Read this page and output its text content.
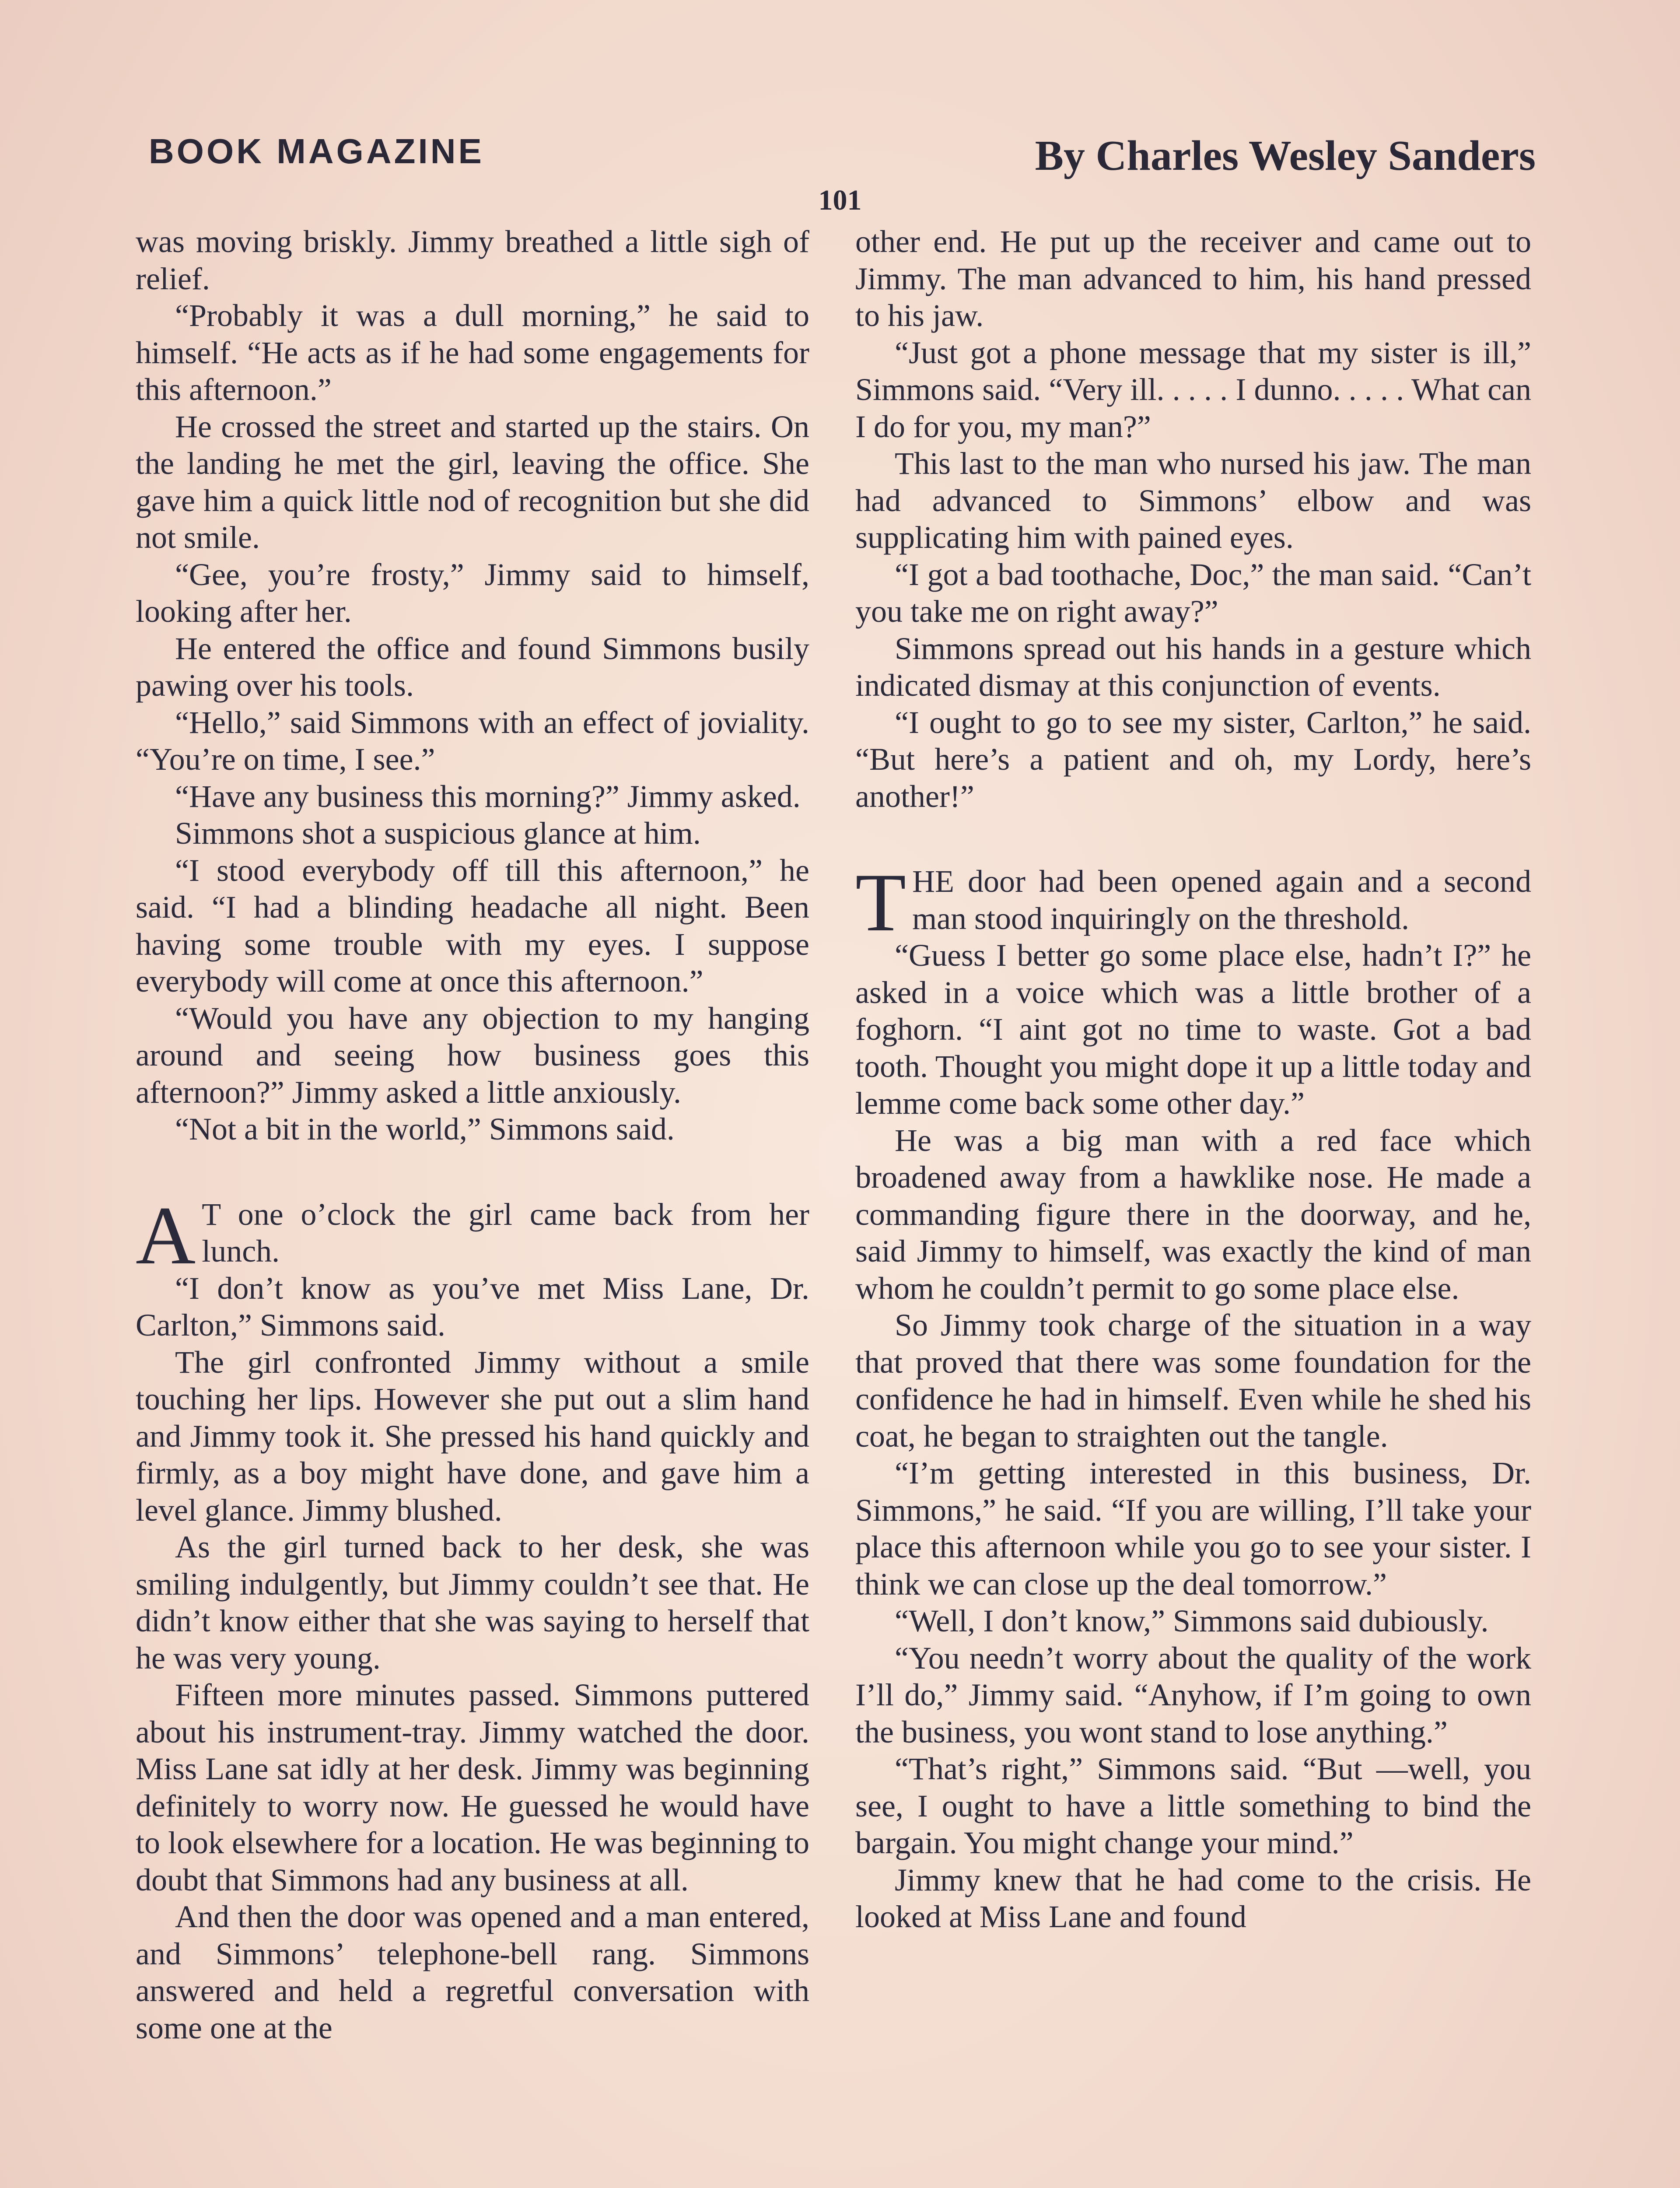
BOOK MAGAZINE	By Charles Wesley Sanders
101

was moving briskly. Jimmy breathed a little sigh of relief.

“Probably it was a dull morning,” he said to himself. “He acts as if he had some engagements for this afternoon.”

He crossed the street and started up the stairs. On the landing he met the girl, leaving the office. She gave him a quick little nod of recognition but she did not smile.

“Gee, you’re frosty,” Jimmy said to himself, looking after her.

He entered the office and found Simmons busily pawing over his tools.

“Hello,” said Simmons with an effect of joviality. “You’re on time, I see.”

“Have any business this morning?” Jimmy asked.

Simmons shot a suspicious glance at him.

“I stood everybody off till this afternoon,” he said. “I had a blinding headache all night. Been having some trouble with my eyes. I suppose everybody will come at once this afternoon.”

“Would you have any objection to my hanging around and seeing how business goes this afternoon?” Jimmy asked a little anxiously.

“Not a bit in the world,” Simmons said.

A T one o’clock the girl came back from her lunch.

“I don’t know as you’ve met Miss Lane, Dr. Carlton,” Simmons said.

The girl confronted Jimmy without a smile touching her lips. However she put out a slim hand and Jimmy took it. She pressed his hand quickly and firmly, as a boy might have done, and gave him a level glance. Jimmy blushed.

As the girl turned back to her desk, she was smiling indulgently, but Jimmy couldn’t see that. He didn’t know either that she was saying to herself that he was very young.

Fifteen more minutes passed. Simmons puttered about his instrument-tray. Jimmy watched the door. Miss Lane sat idly at her desk. Jimmy was beginning definitely to worry now. He guessed he would have to look elsewhere for a location. He was beginning to doubt that Simmons had any business at all.

And then the door was opened and a man entered, and Simmons’ telephone-bell rang. Simmons answered and held a regretful conversation with some one at the

other end. He put up the receiver and came out to Jimmy. The man advanced to him, his hand pressed to his jaw.

“Just got a phone message that my sister is ill,” Simmons said. “Very ill. . . . . I dunno. . . . . What can I do for you, my man?”

This last to the man who nursed his jaw. The man had advanced to Simmons’ elbow and was supplicating him with pained eyes.

“I got a bad toothache, Doc,” the man said. “Can’t you take me on right away?”

Simmons spread out his hands in a gesture which indicated dismay at this conjunction of events.

“I ought to go to see my sister, Carlton,” he said. “But here’s a patient and oh, my Lordy, here’s another!”

THE door had been opened again and a second man stood inquiringly on the threshold.

“Guess I better go some place else, hadn’t I?” he asked in a voice which was a little brother of a foghorn. “I aint got no time to waste. Got a bad tooth. Thought you might dope it up a little today and lemme come back some other day.”

He was a big man with a red face which broadened away from a hawklike nose. He made a commanding figure there in the doorway, and he, said Jimmy to himself, was exactly the kind of man whom he couldn’t permit to go some place else.

So Jimmy took charge of the situation in a way that proved that there was some foundation for the confidence he had in himself. Even while he shed his coat, he began to straighten out the tangle.

“I’m getting interested in this business, Dr. Simmons,” he said. “If you are willing, I’ll take your place this afternoon while you go to see your sister. I think we can close up the deal tomorrow.”

“Well, I don’t know,” Simmons said dubiously.

“You needn’t worry about the quality of the work I’ll do,” Jimmy said. “Anyhow, if I’m going to own the business, you wont stand to lose anything.”

“That’s right,” Simmons said. “But —well, you see, I ought to have a little something to bind the bargain. You might change your mind.”

Jimmy knew that he had come to the crisis. He looked at Miss Lane and found
